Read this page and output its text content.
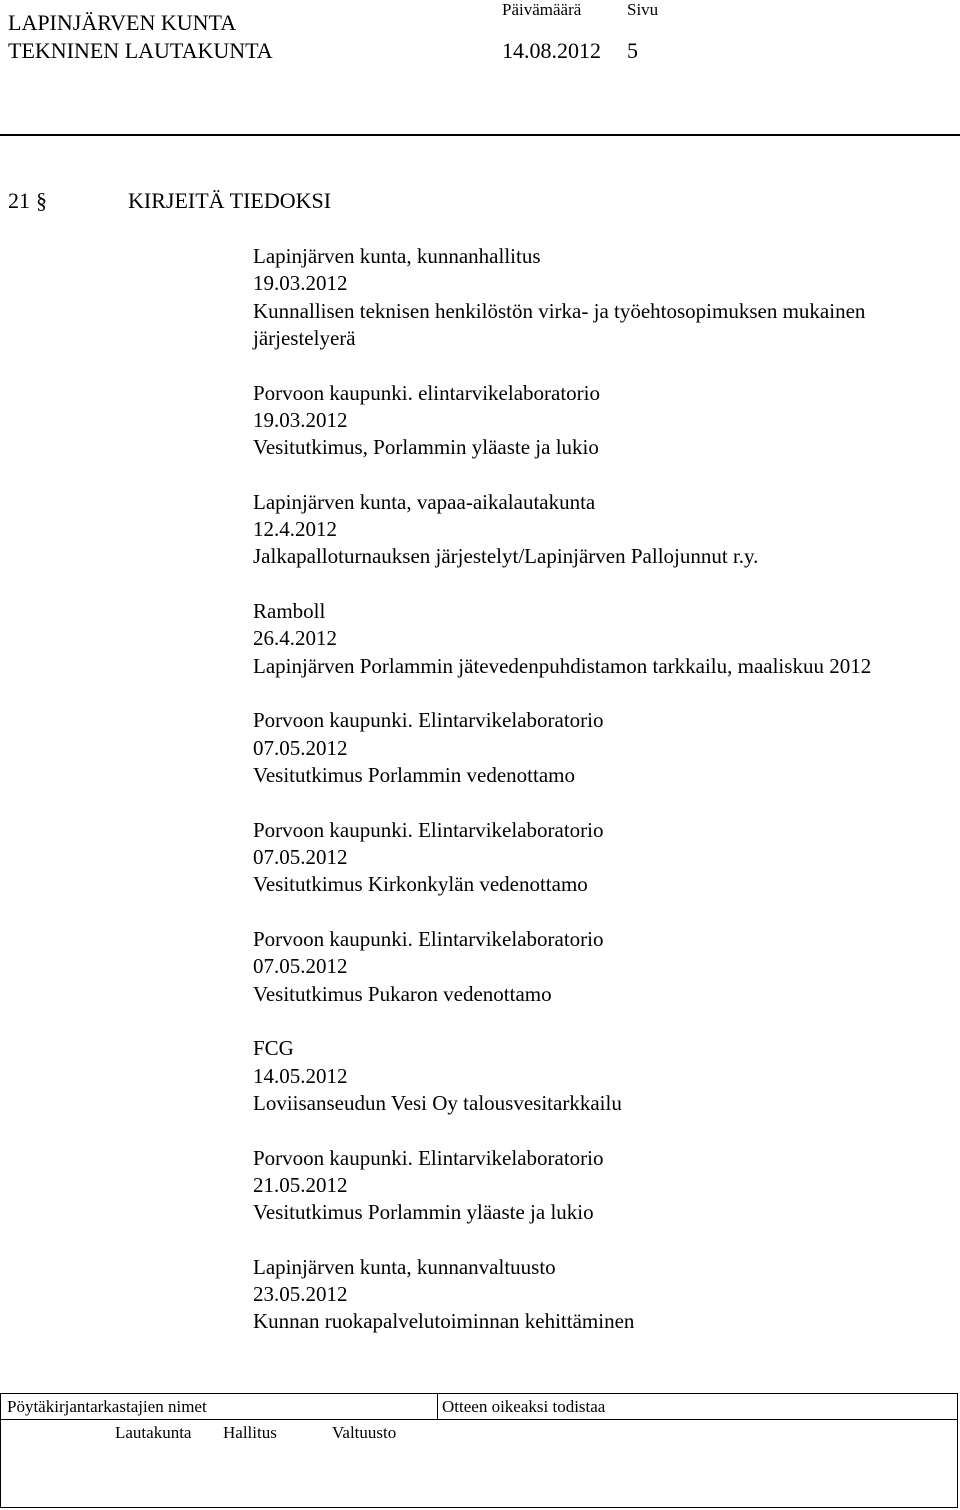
LAPINJÄRVEN KUNTA
TEKNINEN LAUTAKUNTA
Päivämäärä	Sivu
14.08.2012 5
21 §	KIRJEITÄ TIEDOKSI
Lapinjärven kunta, kunnanhallitus
19.03.2012
Kunnallisen teknisen henkilöstön virka- ja työehtosopimuksen mukainen
järjestelyerä
Porvoon kaupunki. elintarvikelaboratorio
19.03.2012
Vesitutkimus, Porlammin yläaste ja lukio
Lapinjärven kunta, vapaa-aikalautakunta
12.4.2012
Jalkapalloturnauksen järjestelyt/Lapinjärven Pallojunnut r.y.
Ramboll
26.4.2012
Lapinjärven Porlammin jätevedenpuhdistamon tarkkailu, maaliskuu 2012
Porvoon kaupunki. Elintarvikelaboratorio
07.05.2012
Vesitutkimus Porlammin vedenottamo
Porvoon kaupunki. Elintarvikelaboratorio
07.05.2012
Vesitutkimus Kirkonkylän vedenottamo
Porvoon kaupunki. Elintarvikelaboratorio
07.05.2012
Vesitutkimus Pukaron vedenottamo
FCG
14.05.2012
Loviisanseudun Vesi Oy talousvesitarkkailu
Porvoon kaupunki. Elintarvikelaboratorio
21.05.2012
Vesitutkimus Porlammin yläaste ja lukio
Lapinjärven kunta, kunnanvaltuusto
23.05.2012
Kunnan ruokapalvelutoiminnan kehittäminen
Pöytäkirjantarkastajien nimet	Otteen oikeaksi todistaa
Lautakunta Hallitus	Valtuusto
